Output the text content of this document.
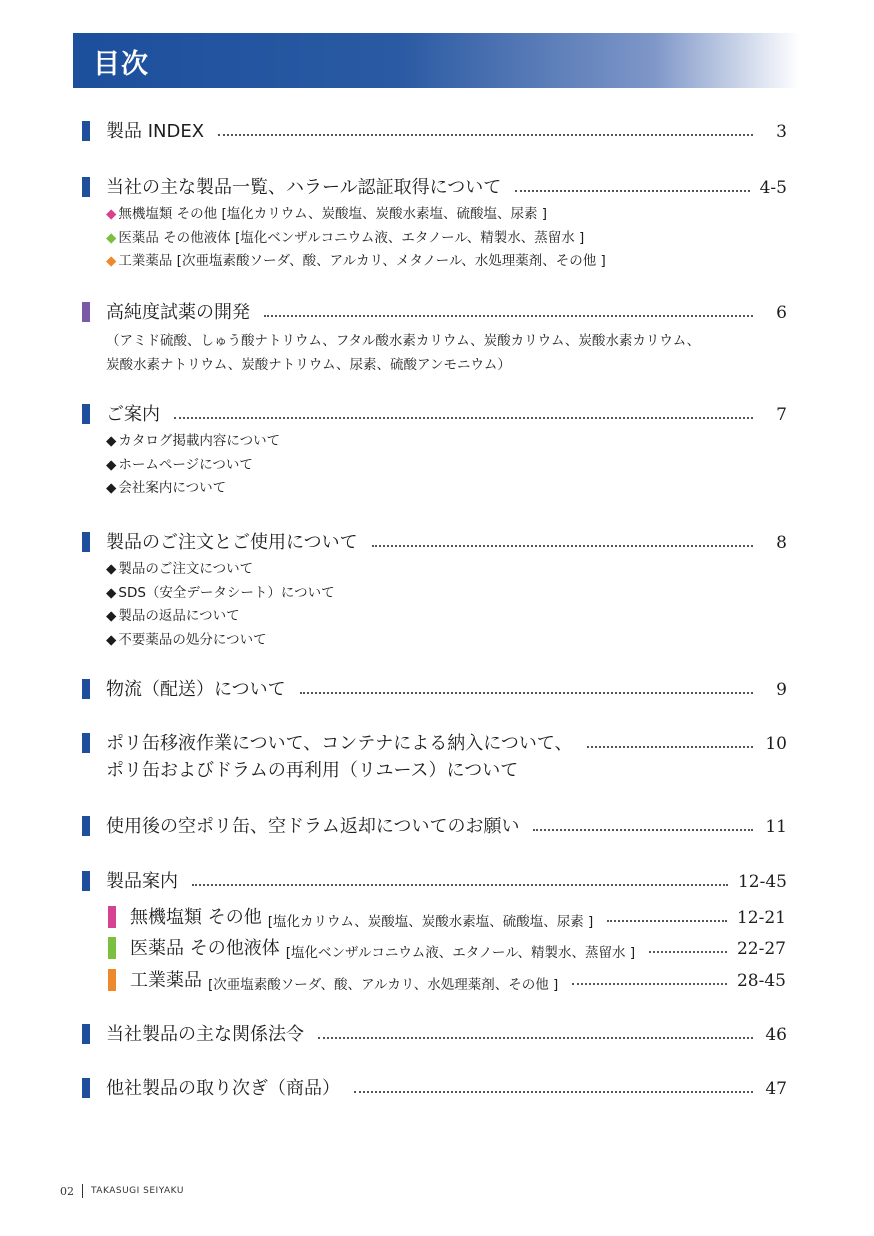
目次
製品 INDEX	3
当社の主な製品一覧、ハラール認証取得について	4-5
◆ 無機塩類 その他 [塩化カリウム、炭酸塩、炭酸水素塩、硫酸塩、尿素 ]
◆ 医薬品 その他液体 [塩化ベンザルコニウム液、エタノール、精製水、蒸留水 ]
◆ 工業薬品 [次亜塩素酸ソーダ、酸、アルカリ、メタノール、水処理薬剤、その他 ]
高純度試薬の開発	6
（アミド硫酸、しゅう酸ナトリウム、フタル酸水素カリウム、炭酸カリウム、炭酸水素カリウム、
炭酸水素ナトリウム、炭酸ナトリウム、尿素、硫酸アンモニウム）
ご案内	7
◆ カタログ掲載内容について
◆ ホームページについて
◆ 会社案内について
製品のご注文とご使用について	8
◆ 製品のご注文について
◆ SDS（安全データシート）について
◆ 製品の返品について
◆ 不要薬品の処分について
物流（配送）について	9
ポリ缶移液作業について、コンテナによる納入について、	10
ポリ缶およびドラムの再利用（リユース）について
使用後の空ポリ缶、空ドラム返却についてのお願い	11
製品案内	12-45
無機塩類 その他 [塩化カリウム、炭酸塩、炭酸水素塩、硫酸塩、尿素 ]	12-21
医薬品 その他液体 [塩化ベンザルコニウム液、エタノール、精製水、蒸留水 ]	22-27
工業薬品 [次亜塩素酸ソーダ、酸、アルカリ、水処理薬剤、その他 ]	28-45
当社製品の主な関係法令	46
他社製品の取り次ぎ（商品）	47
02 TAKASUGI SEIYAKU
